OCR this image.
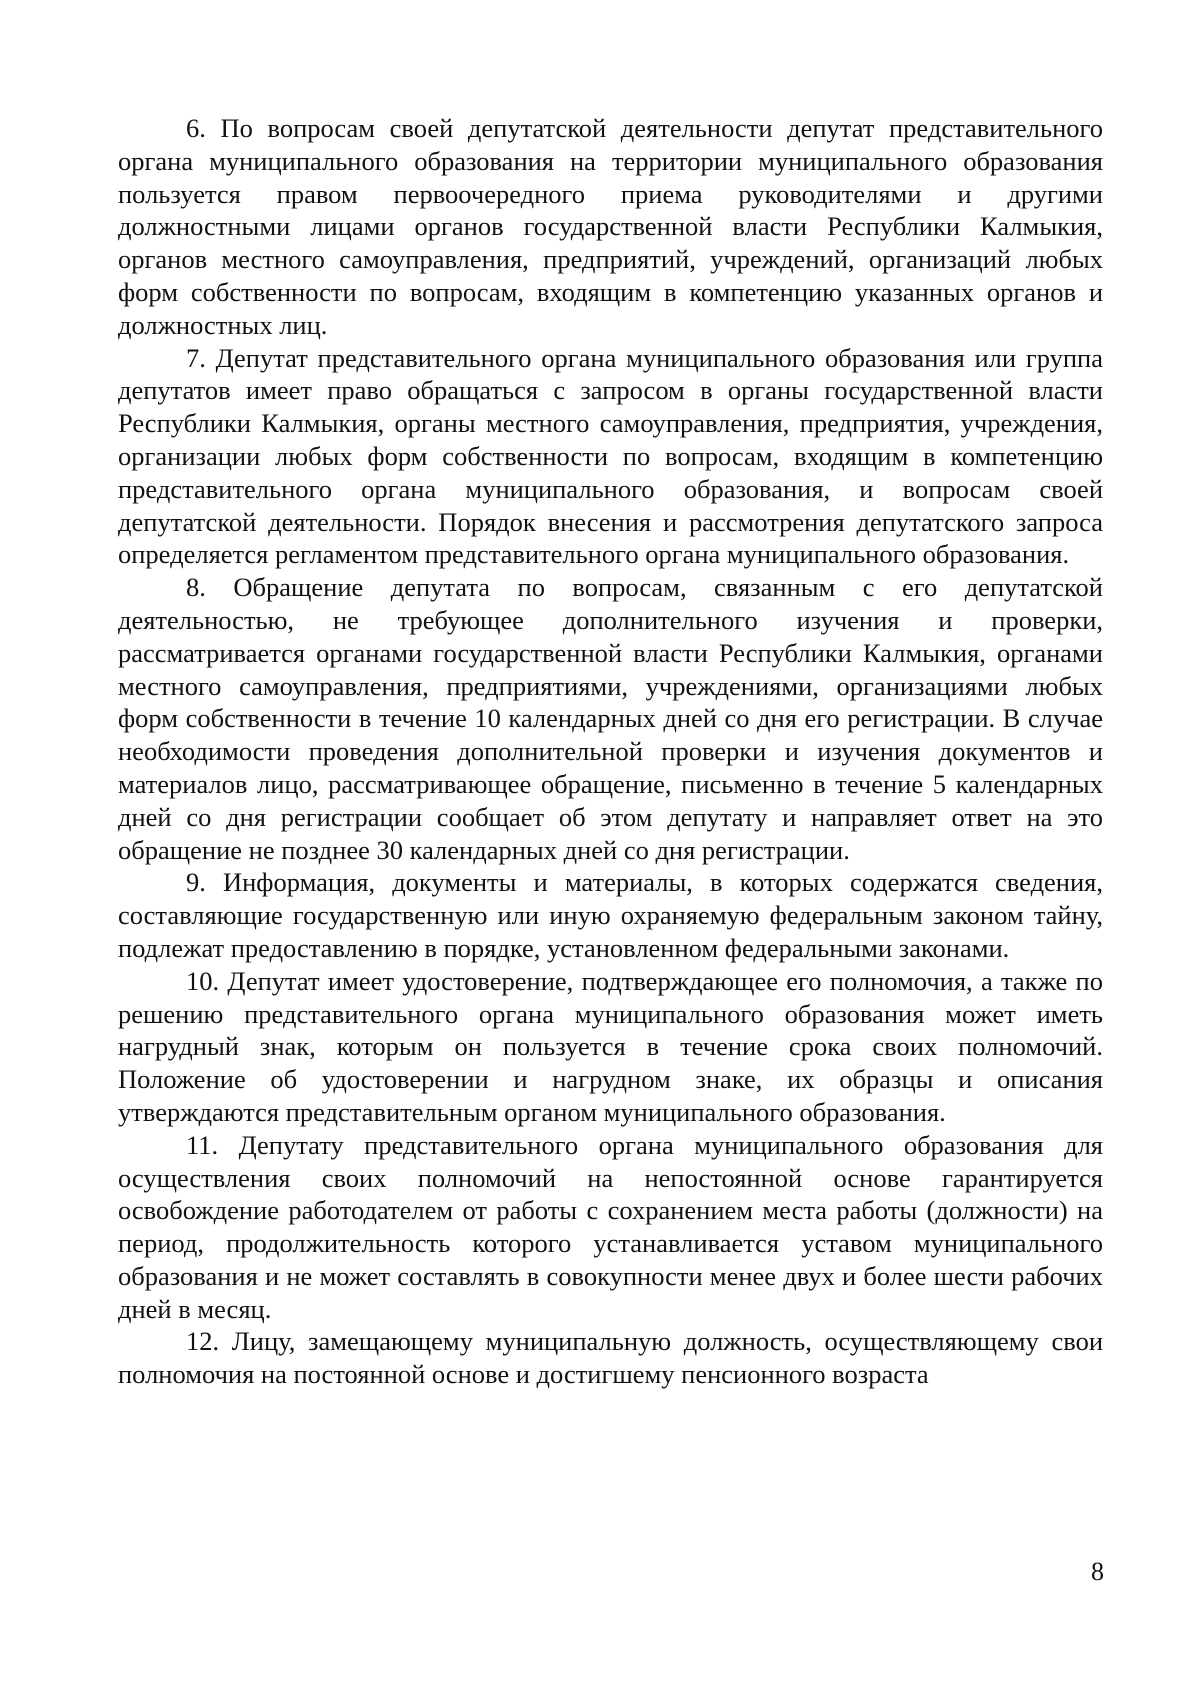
6. По вопросам своей депутатской деятельности депутат представительного органа муниципального образования на территории муниципального образования пользуется правом первоочередного приема руководителями и другими должностными лицами органов государственной власти Республики Калмыкия, органов местного самоуправления, предприятий, учреждений, организаций любых форм собственности по вопросам, входящим в компетенцию указанных органов и должностных лиц.

7. Депутат представительного органа муниципального образования или группа депутатов имеет право обращаться с запросом в органы государственной власти Республики Калмыкия, органы местного самоуправления, предприятия, учреждения, организации любых форм собственности по вопросам, входящим в компетенцию представительного органа муниципального образования, и вопросам своей депутатской деятельности. Порядок внесения и рассмотрения депутатского запроса определяется регламентом представительного органа муниципального образования.

8. Обращение депутата по вопросам, связанным с его депутатской деятельностью, не требующее дополнительного изучения и проверки, рассматривается органами государственной власти Республики Калмыкия, органами местного самоуправления, предприятиями, учреждениями, организациями любых форм собственности в течение 10 календарных дней со дня его регистрации. В случае необходимости проведения дополнительной проверки и изучения документов и материалов лицо, рассматривающее обращение, письменно в течение 5 календарных дней со дня регистрации сообщает об этом депутату и направляет ответ на это обращение не позднее 30 календарных дней со дня регистрации.

9. Информация, документы и материалы, в которых содержатся сведения, составляющие государственную или иную охраняемую федеральным законом тайну, подлежат предоставлению в порядке, установленном федеральными законами.

10. Депутат имеет удостоверение, подтверждающее его полномочия, а также по решению представительного органа муниципального образования может иметь нагрудный знак, которым он пользуется в течение срока своих полномочий. Положение об удостоверении и нагрудном знаке, их образцы и описания утверждаются представительным органом муниципального образования.

11. Депутату представительного органа муниципального образования для осуществления своих полномочий на непостоянной основе гарантируется освобождение работодателем от работы с сохранением места работы (должности) на период, продолжительность которого устанавливается уставом муниципального образования и не может составлять в совокупности менее двух и более шести рабочих дней в месяц.

12. Лицу, замещающему муниципальную должность, осуществляющему свои полномочия на постоянной основе и достигшему пенсионного возраста

8
